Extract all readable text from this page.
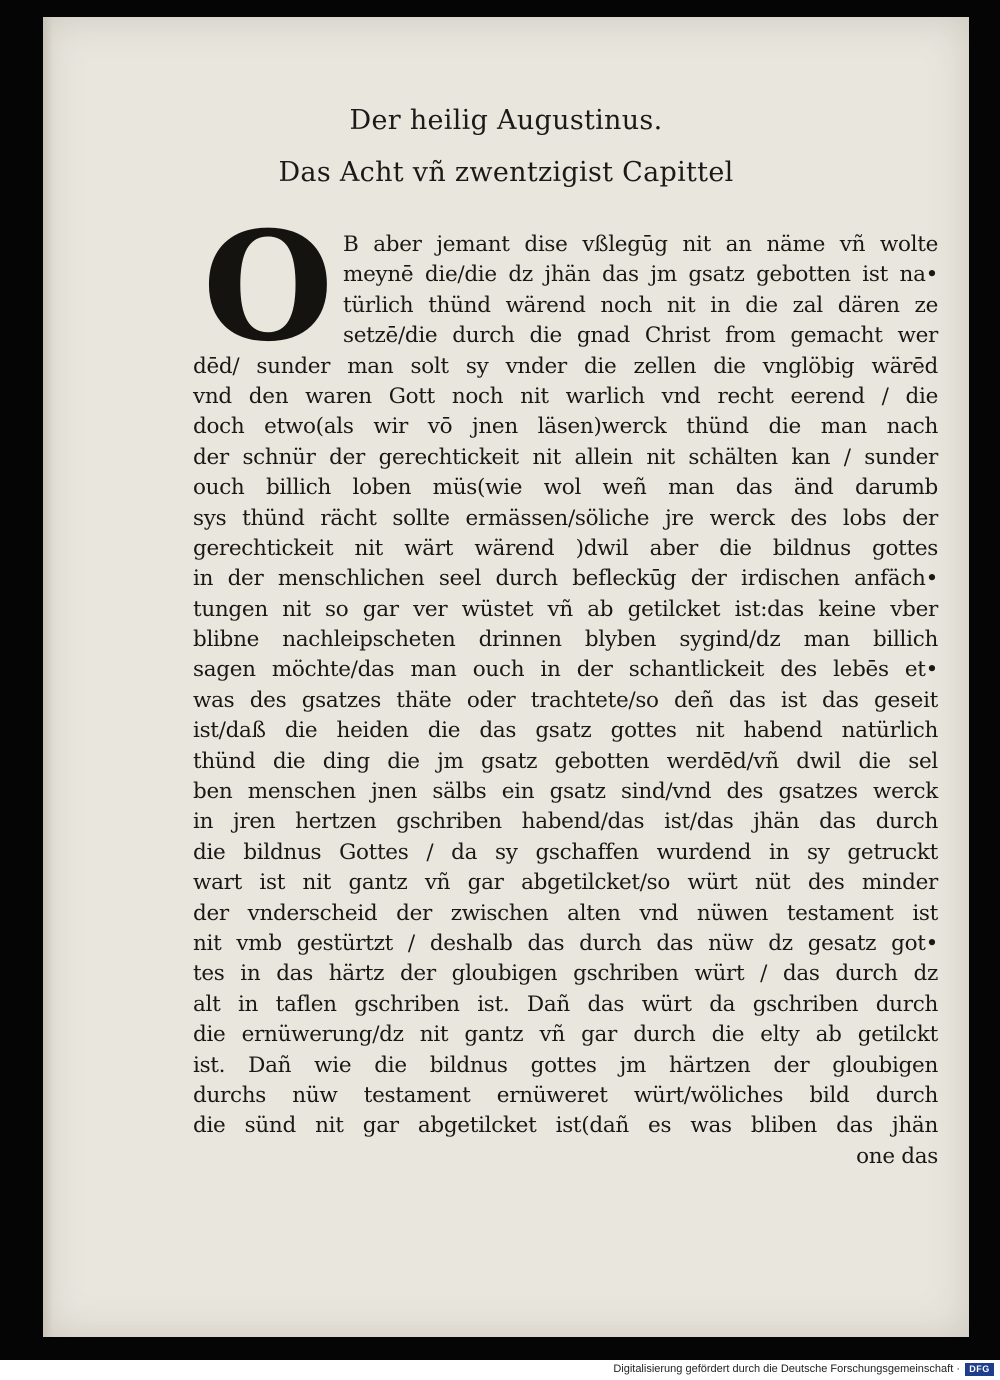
Der heilig Augustinus.
Das Acht vñ zwentzigist Capittel
O B aber jemant dise vßlegūg nit an näme vñ wolte
meynē die/die dz jhän das jm gsatz gebotten ist na•
türlich thünd wärend noch nit in die zal dären ze
setzē/die durch die gnad Christ from gemacht wer
dēd/ sunder man solt sy vnder die zellen die vnglöbig wärēd
vnd den waren Gott noch nit warlich vnd recht eerend / die
doch etwo(als wir vō jnen läsen)werck thünd die man nach
der schnür der gerechtickeit nit allein nit schälten kan / sunder
ouch billich loben müs(wie wol weñ man das änd darumb
sys thünd rächt sollte ermässen/söliche jre werck des lobs der
gerechtickeit nit wärt wärend )dwil aber die bildnus gottes
in der menschlichen seel durch befleckūg der irdischen anfäch•
tungen nit so gar ver wüstet vñ ab getilcket ist:das keine vber
blibne nachleipscheten drinnen blyben sygind/dz man billich
sagen möchte/das man ouch in der schantlickeit des lebēs et•
was des gsatzes thäte oder trachtete/so deñ das ist das geseit
ist/daß die heiden die das gsatz gottes nit habend natürlich
thünd die ding die jm gsatz gebotten werdēd/vñ dwil die sel
ben menschen jnen sälbs ein gsatz sind/vnd des gsatzes werck
in jren hertzen gschriben habend/das ist/das jhän das durch
die bildnus Gottes / da sy gschaffen wurdend in sy getruckt
wart ist nit gantz vñ gar abgetilcket/so würt nüt des minder
der vnderscheid der zwischen alten vnd nüwen testament ist
nit vmb gestürtzt / deshalb das durch das nüw dz gesatz got•
tes in das härtz der gloubigen gschriben würt / das durch dz
alt in taflen gschriben ist. Dañ das würt da gschriben durch
die ernüwerung/dz nit gantz vñ gar durch die elty ab getilckt
ist. Dañ wie die bildnus gottes jm härtzen der gloubigen
durchs nüw testament ernüweret würt/wöliches bild durch
die sünd nit gar abgetilcket ist(dañ es was bliben das jhän
one das
Digitalisierung gefördert durch die Deutsche Forschungsgemeinschaft ·	DFG
